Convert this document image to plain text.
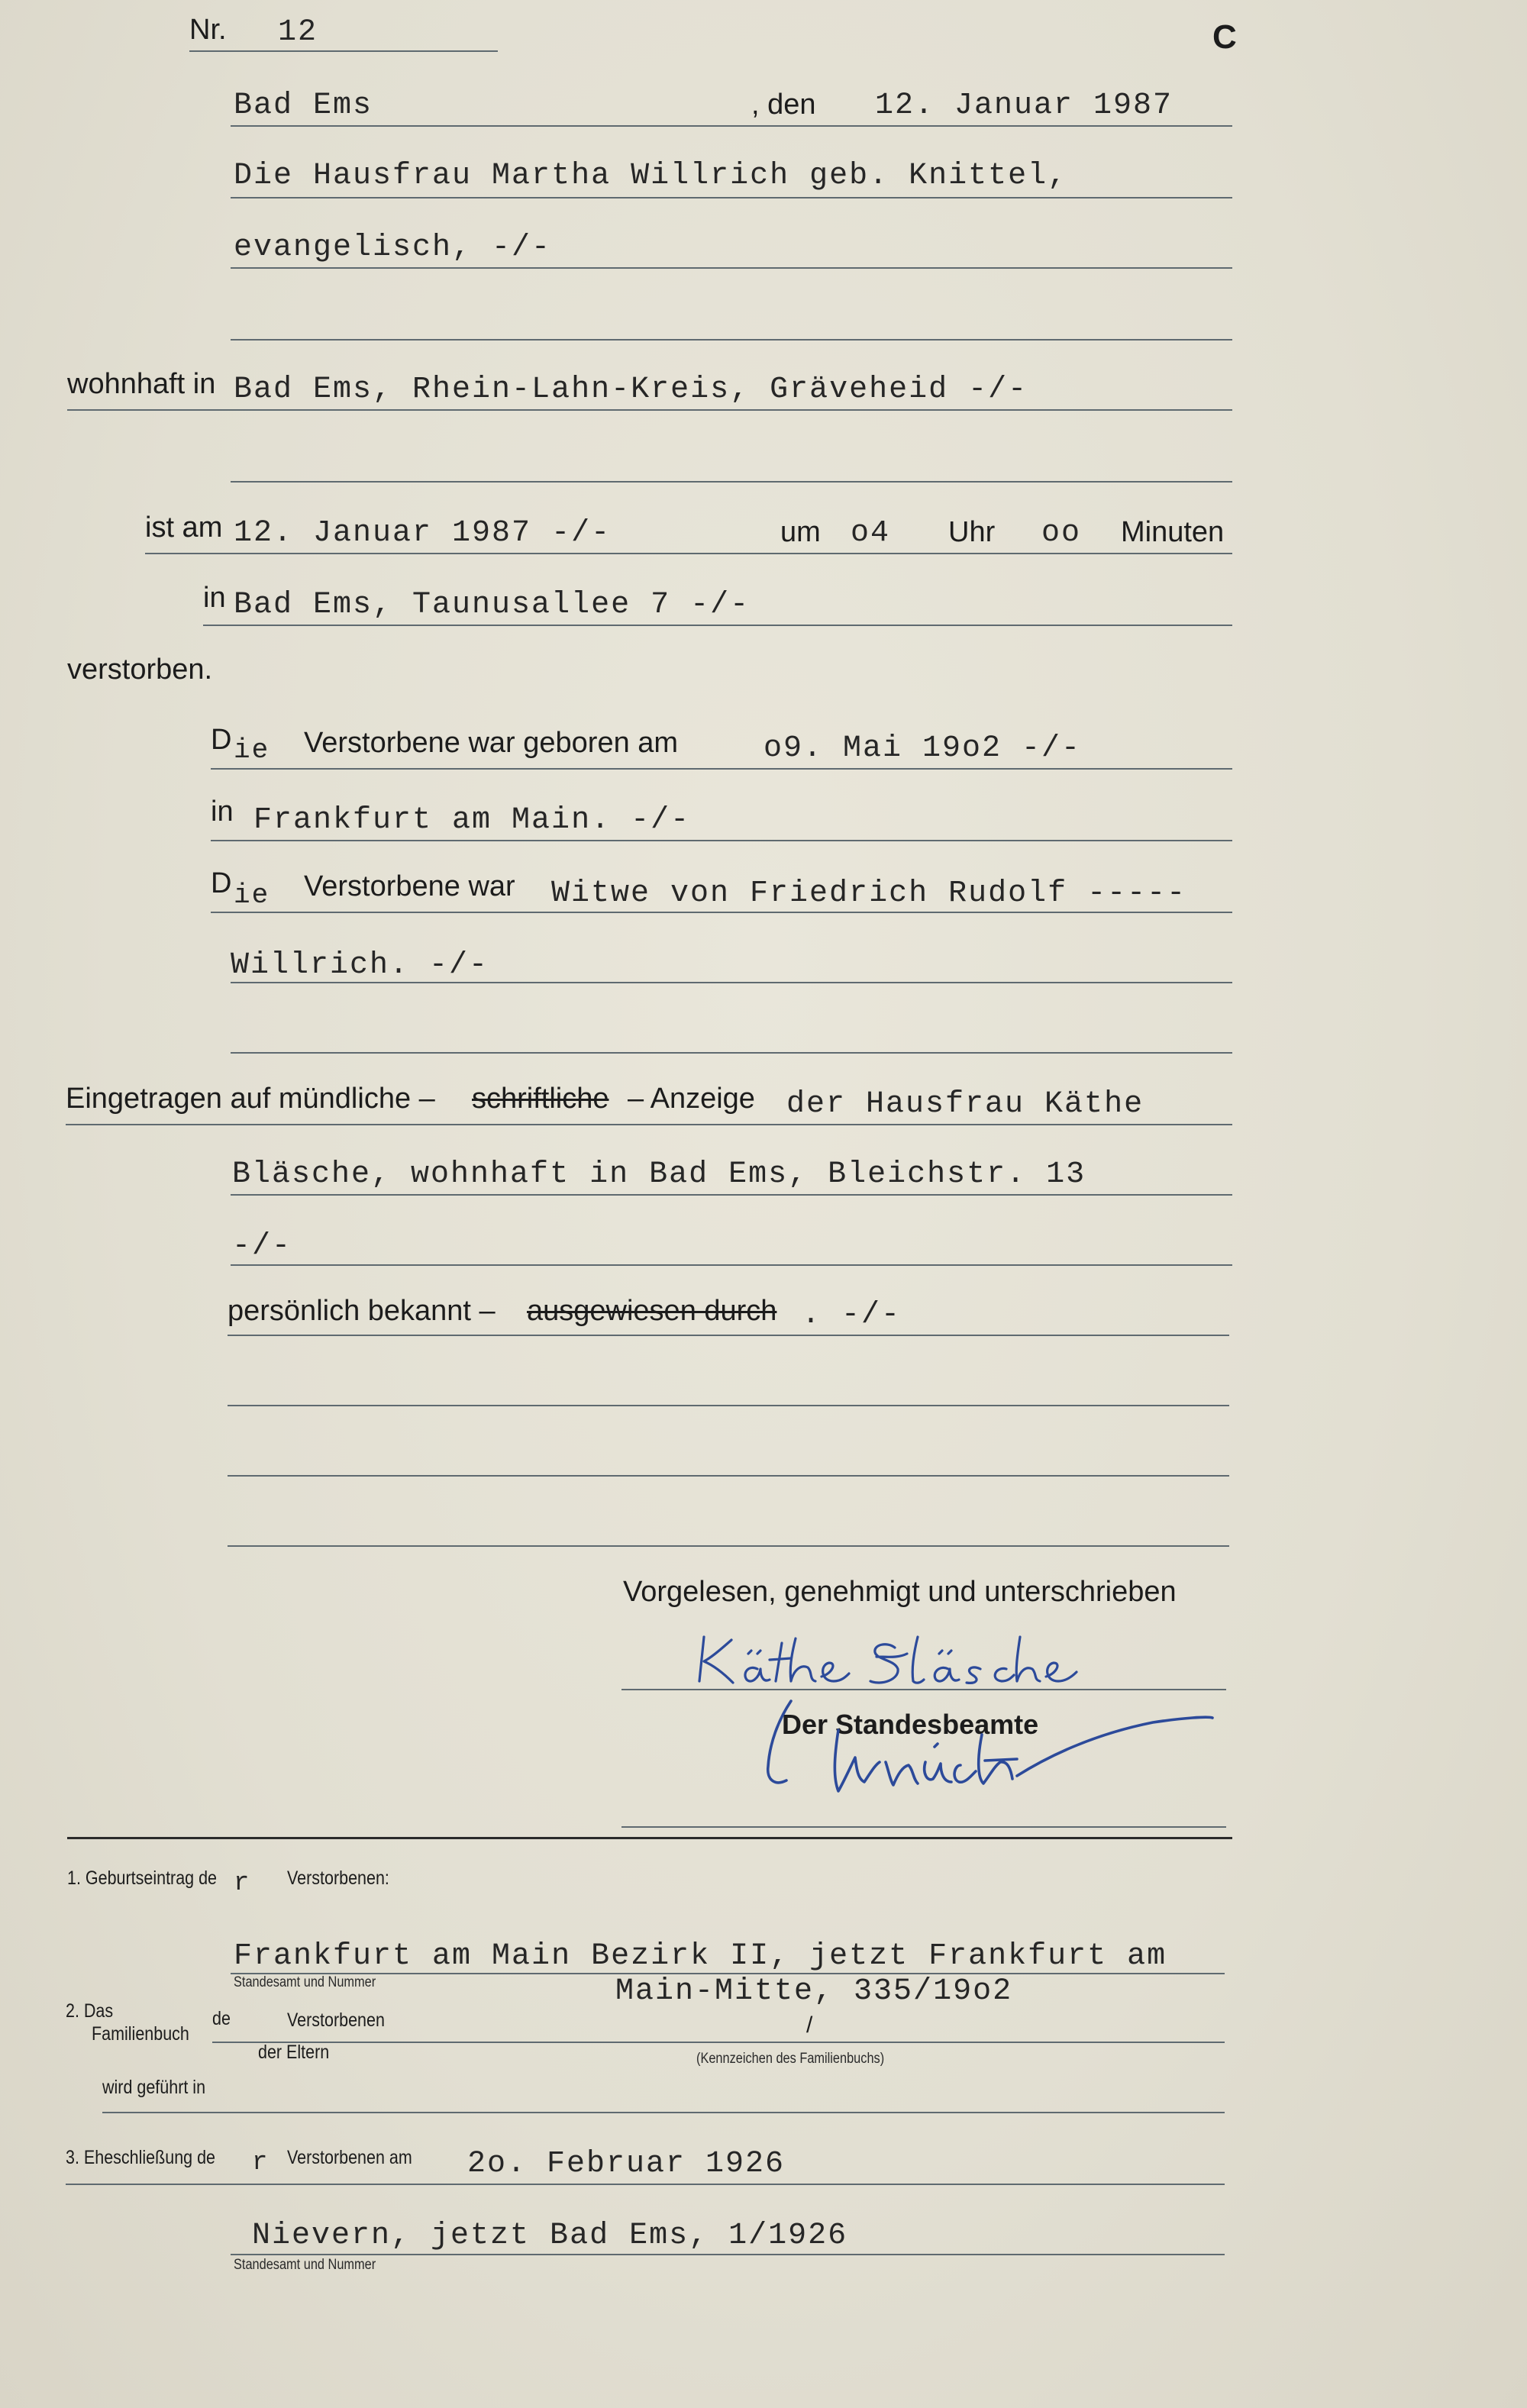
Nr. 12	C
Bad Ems	, den 12. Januar 1987
Die Hausfrau Martha Willrich geb. Knittel,
evangelisch, -/-
wohnhaft in Bad Ems, Rhein-Lahn-Kreis, Gräveheid -/-
ist am 12. Januar 1987 -/-	um o4 Uhr oo Minuten
in Bad Ems, Taunusallee 7 -/-
verstorben.
D ie Verstorbene war geboren am	o9. Mai 19o2 -/-
in Frankfurt am Main. -/-
D ie Verstorbene war Witwe von Friedrich Rudolf -----
Willrich. -/-
Eingetragen auf mündliche – schriftliche – Anzeige der Hausfrau Käthe
Bläsche, wohnhaft in Bad Ems, Bleichstr. 13
-/-
persönlich bekannt – ausgewiesen durch . -/-
Vorgelesen, genehmigt und unterschrieben
Der Standesbeamte
1. Geburtseintrag de r Verstorbenen:
Frankfurt am Main Bezirk II, jetzt Frankfurt am
Standesamt und Nummer	Main-Mitte, 335/19o2
2. Das
Familienbuch
de	Verstorbenen
der Eltern
/
(Kennzeichen des Familienbuchs)
wird geführt in
3. Eheschließung de r Verstorbenen am 2o. Februar 1926
Nievern, jetzt Bad Ems, 1/1926
Standesamt und Nummer
